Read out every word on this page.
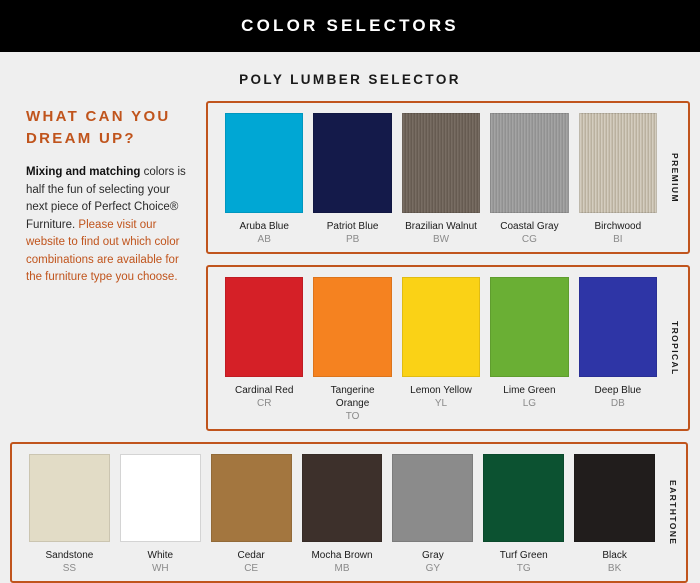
COLOR SELECTORS
POLY LUMBER SELECTOR
WHAT CAN YOU DREAM UP?
Mixing and matching colors is half the fun of selecting your next piece of Perfect Choice® Furniture. Please visit our website to find out which color combinations are available for the furniture type you choose.
Aruba Blue
AB
Patriot Blue
PB
Brazilian Walnut
BW
Coastal Gray
CG
Birchwood
BI
PREMIUM
Cardinal Red
CR
Tangerine Orange
TO
Lemon Yellow
YL
Lime Green
LG
Deep Blue
DB
TROPICAL
Sandstone
SS
White
WH
Cedar
CE
Mocha Brown
MB
Gray
GY
Turf Green
TG
Black
BK
EARTHTONE
